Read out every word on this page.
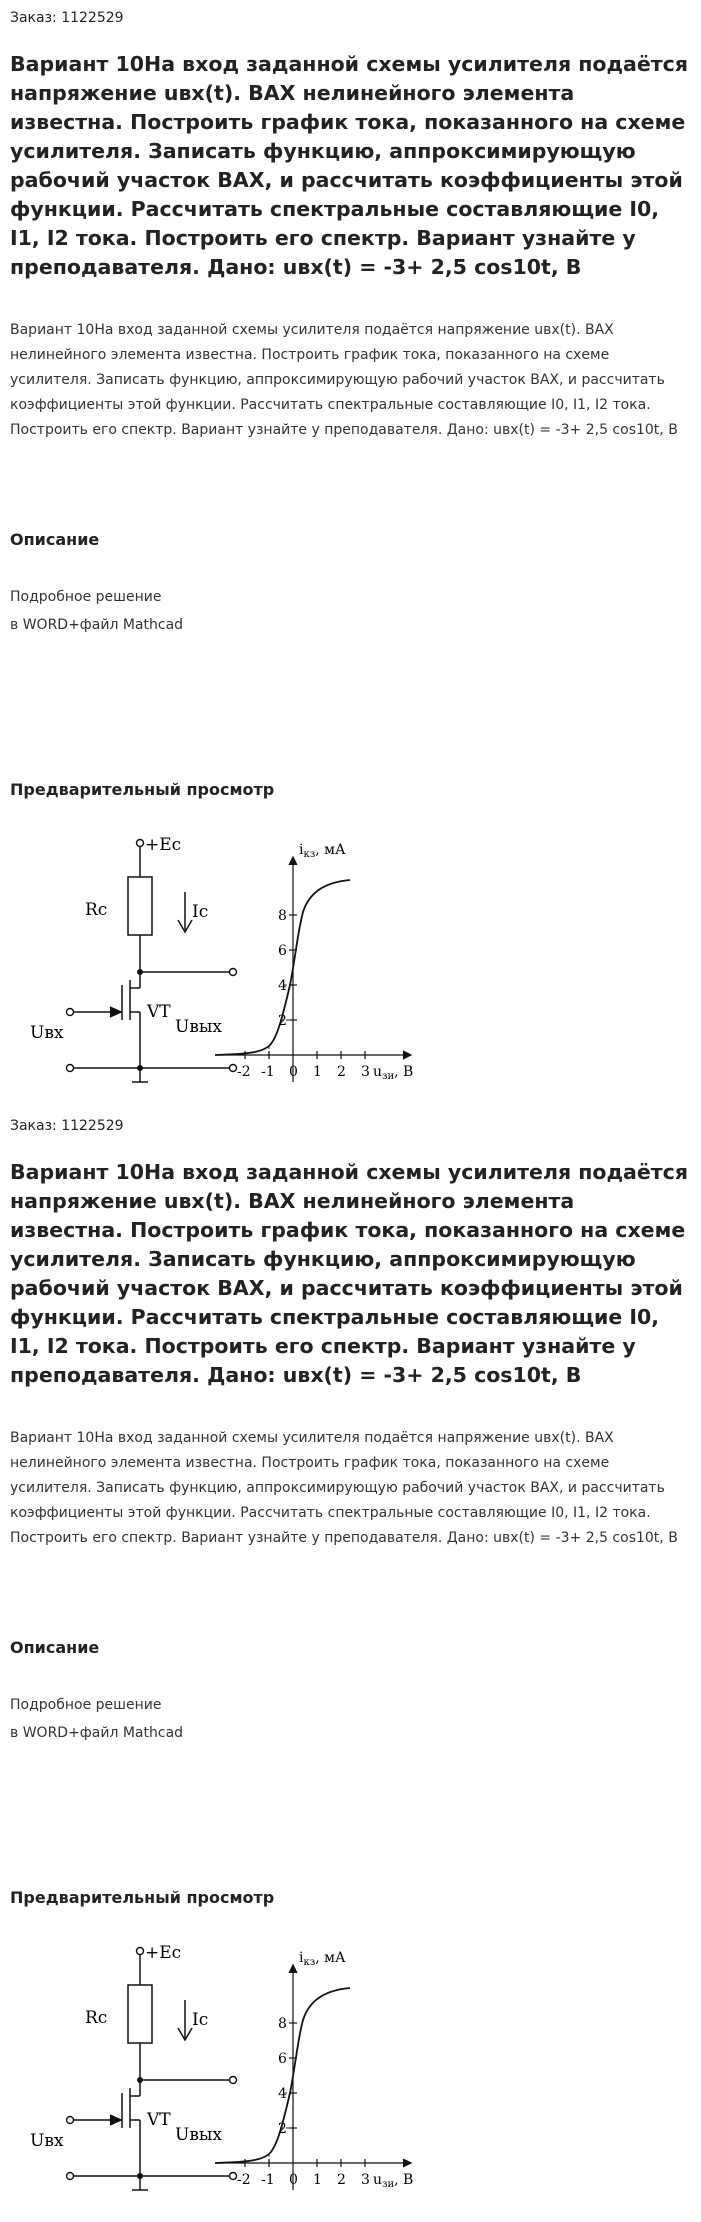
Заказ: 1122529
Вариант 10На вход заданной схемы усилителя подаётся напряжение uвх(t). ВАХ нелинейного элемента известна. Построить график тока, показанного на схеме усилителя. Записать функцию, аппроксимирующую рабочий участок ВАХ, и рассчитать коэффициенты этой функции. Рассчитать спектральные составляющие I0, I1, I2 тока. Построить его спектр. Вариант узнайте у преподавателя. Дано: uвх(t) = -3+ 2,5 cos10t, В
Вариант 10На вход заданной схемы усилителя подаётся напряжение uвх(t). ВАХ нелинейного элемента известна. Построить график тока, показанного на схеме усилителя. Записать функцию, аппроксимирующую рабочий участок ВАХ, и рассчитать коэффициенты этой функции. Рассчитать спектральные составляющие I0, I1, I2 тока. Построить его спектр. Вариант узнайте у преподавателя. Дано: uвх(t) = -3+ 2,5 cos10t, В
Описание
Подробное решение
в WORD+файл Mathcad
Предварительный просмотр
+Ec
Rc	Ic
VT
Uвх	Uвых
$i_{кз}$, мА
8
6
4
2
-2 -1 0 1 2 3 $u_{зи}$, В
Заказ: 1122529
Вариант 10На вход заданной схемы усилителя подаётся напряжение uвх(t). ВАХ нелинейного элемента известна. Построить график тока, показанного на схеме усилителя. Записать функцию, аппроксимирующую рабочий участок ВАХ, и рассчитать коэффициенты этой функции. Рассчитать спектральные составляющие I0, I1, I2 тока. Построить его спектр. Вариант узнайте у преподавателя. Дано: uвх(t) = -3+ 2,5 cos10t, В
Вариант 10На вход заданной схемы усилителя подаётся напряжение uвх(t). ВАХ нелинейного элемента известна. Построить график тока, показанного на схеме усилителя. Записать функцию, аппроксимирующую рабочий участок ВАХ, и рассчитать коэффициенты этой функции. Рассчитать спектральные составляющие I0, I1, I2 тока. Построить его спектр. Вариант узнайте у преподавателя. Дано: uвх(t) = -3+ 2,5 cos10t, В
Описание
Подробное решение
в WORD+файл Mathcad
Предварительный просмотр
+Ec
Rc	Ic
VT
Uвх	Uвых
$i_{кз}$, мА
8
6
4
2
-2 -1 0 1 2 3 $u_{зи}$, В
